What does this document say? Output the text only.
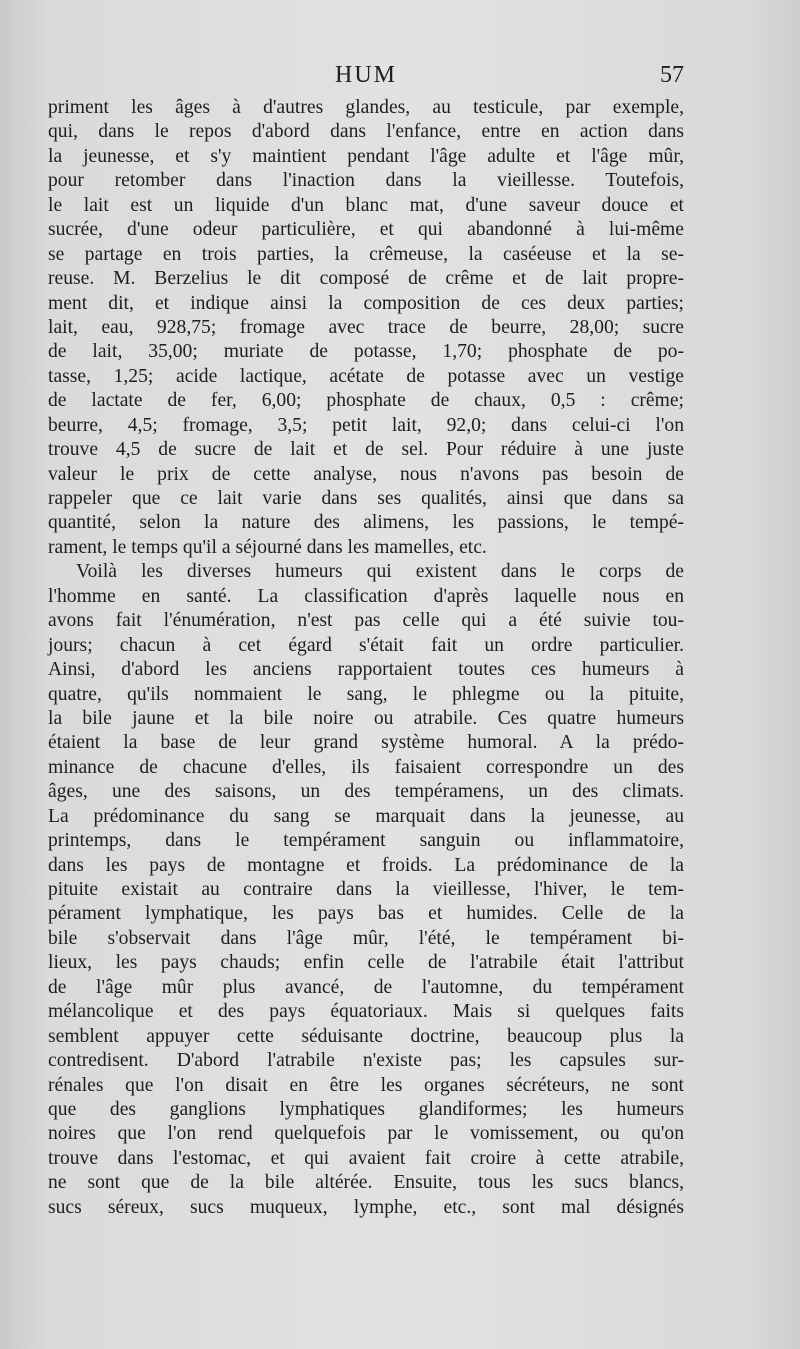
HUM	57
priment les âges à d'autres glandes, au testicule, par exemple,
qui, dans le repos d'abord dans l'enfance, entre en action dans
la jeunesse, et s'y maintient pendant l'âge adulte et l'âge mûr,
pour retomber dans l'inaction dans la vieillesse. Toutefois,
le lait est un liquide d'un blanc mat, d'une saveur douce et
sucrée, d'une odeur particulière, et qui abandonné à lui-même
se partage en trois parties, la crêmeuse, la caséeuse et la se-
reuse. M. Berzelius le dit composé de crême et de lait propre-
ment dit, et indique ainsi la composition de ces deux parties;
lait, eau, 928,75; fromage avec trace de beurre, 28,00; sucre
de lait, 35,00; muriate de potasse, 1,70; phosphate de po-
tasse, 1,25; acide lactique, acétate de potasse avec un vestige
de lactate de fer, 6,00; phosphate de chaux, 0,5 : crême;
beurre, 4,5; fromage, 3,5; petit lait, 92,0; dans celui-ci l'on
trouve 4,5 de sucre de lait et de sel. Pour réduire à une juste
valeur le prix de cette analyse, nous n'avons pas besoin de
rappeler que ce lait varie dans ses qualités, ainsi que dans sa
quantité, selon la nature des alimens, les passions, le tempé-
rament, le temps qu'il a séjourné dans les mamelles, etc.
Voilà les diverses humeurs qui existent dans le corps de
l'homme en santé. La classification d'après laquelle nous en
avons fait l'énumération, n'est pas celle qui a été suivie tou-
jours; chacun à cet égard s'était fait un ordre particulier.
Ainsi, d'abord les anciens rapportaient toutes ces humeurs à
quatre, qu'ils nommaient le sang, le phlegme ou la pituite,
la bile jaune et la bile noire ou atrabile. Ces quatre humeurs
étaient la base de leur grand système humoral. A la prédo-
minance de chacune d'elles, ils faisaient correspondre un des
âges, une des saisons, un des tempéramens, un des climats.
La prédominance du sang se marquait dans la jeunesse, au
printemps, dans le tempérament sanguin ou inflammatoire,
dans les pays de montagne et froids. La prédominance de la
pituite existait au contraire dans la vieillesse, l'hiver, le tem-
pérament lymphatique, les pays bas et humides. Celle de la
bile s'observait dans l'âge mûr, l'été, le tempérament bi-
lieux, les pays chauds; enfin celle de l'atrabile était l'attribut
de l'âge mûr plus avancé, de l'automne, du tempérament
mélancolique et des pays équatoriaux. Mais si quelques faits
semblent appuyer cette séduisante doctrine, beaucoup plus la
contredisent. D'abord l'atrabile n'existe pas; les capsules sur-
rénales que l'on disait en être les organes sécréteurs, ne sont
que des ganglions lymphatiques glandiformes; les humeurs
noires que l'on rend quelquefois par le vomissement, ou qu'on
trouve dans l'estomac, et qui avaient fait croire à cette atrabile,
ne sont que de la bile altérée. Ensuite, tous les sucs blancs,
sucs séreux, sucs muqueux, lymphe, etc., sont mal désignés
